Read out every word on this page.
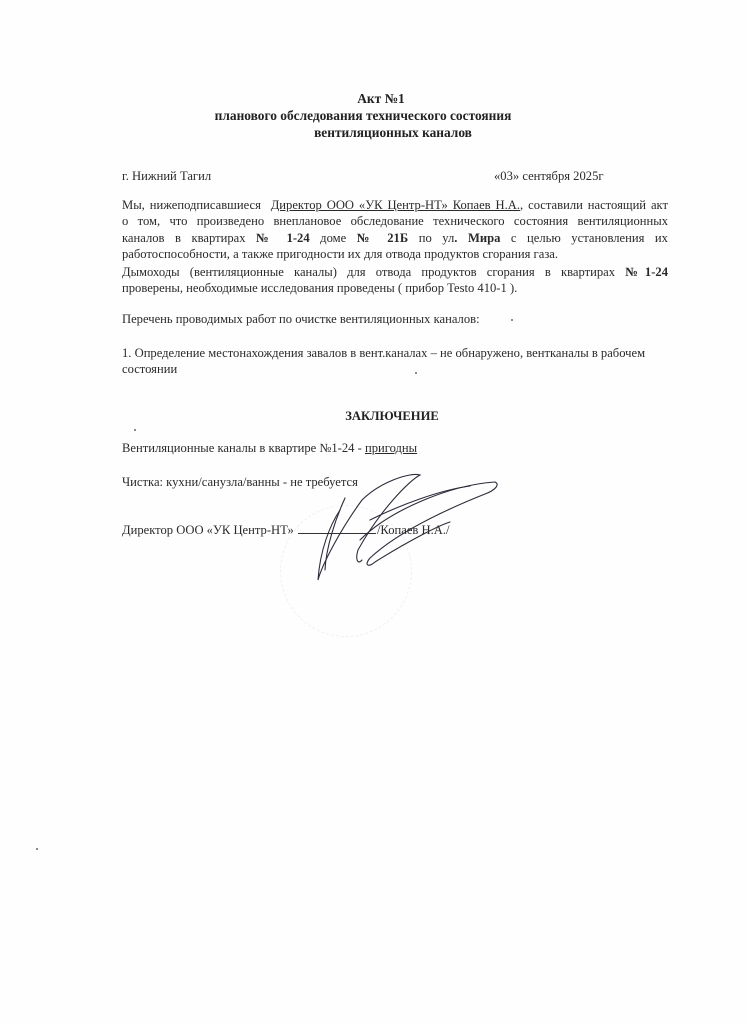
Акт №1
планового обследования технического состояния
вентиляционных каналов
г. Нижний Тагил	«03» сентября 2025г
Мы, нижеподписавшиеся Директор ООО «УК Центр-НТ» Копаев Н.А., составили настоящий акт
о том, что произведено внеплановое обследование технического состояния вентиляционных
каналов в квартирах № 1-24 доме № 21Б по ул. Мира с целью установления их
работоспособности, а также пригодности их для отвода продуктов сгорания газа.
Дымоходы (вентиляционные каналы) для отвода продуктов сгорания в квартирах №1-24
проверены, необходимые исследования проведены ( прибор Testo 410-1 ).
Перечень проводимых работ по очистке вентиляционных каналов:
1. Определение местонахождения завалов в вент.каналах – не обнаружено, вентканалы в рабочем состоянии
ЗАКЛЮЧЕНИЕ
Вентиляционные каналы в квартире №1-24 - пригодны
Чистка: кухни/санузла/ванны - не требуется
Директор ООО «УК Центр-НТ»	/Копаев Н.А./
